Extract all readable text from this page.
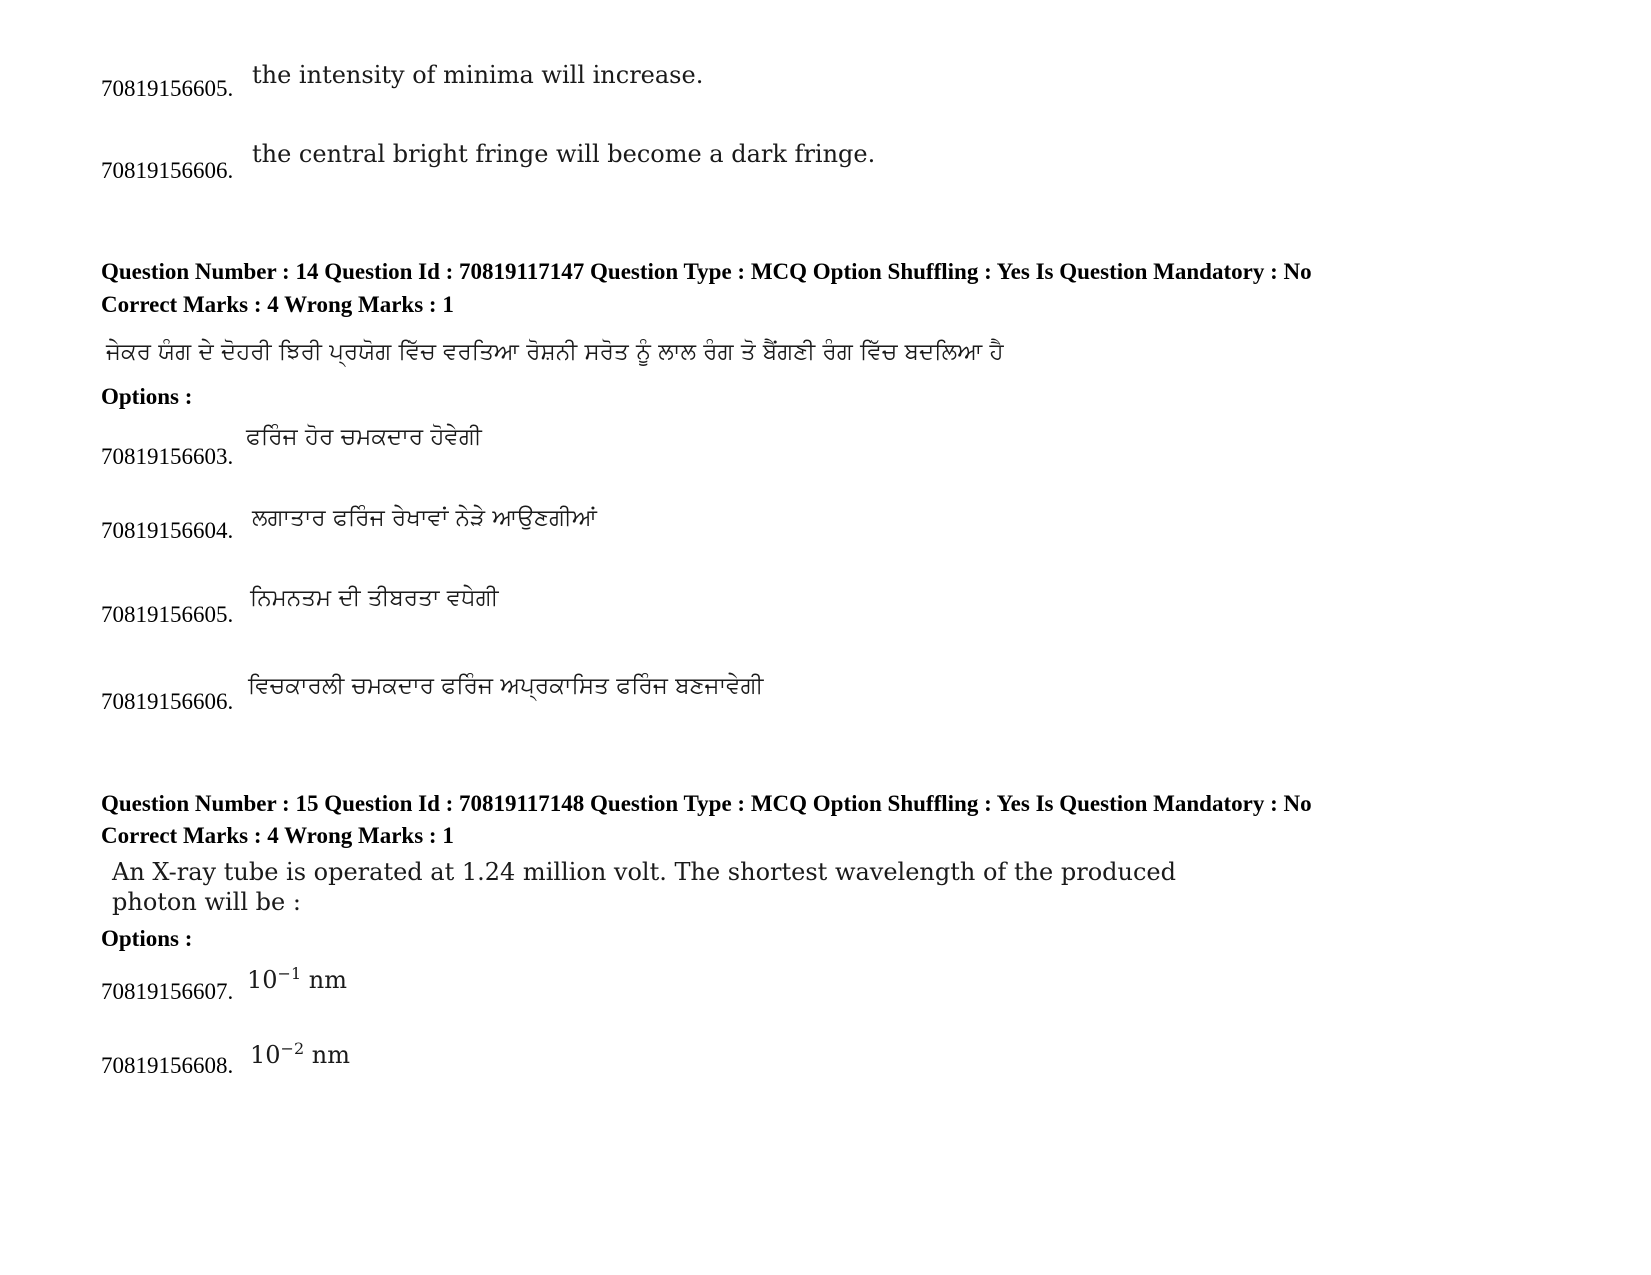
70819156605. the intensity of minima will increase.
70819156606.
the central bright fringe will become a dark fringe.
Question Number : 14 Question Id : 70819117147 Question Type : MCQ Option Shuffling : Yes Is Question Mandatory : No
Correct Marks : 4 Wrong Marks : 1
ਜੇਕਰ ਯੰਗ ਦੇ ਦੋਹਰੀ ਝਿਰੀ ਪ੍ਰਯੋਗ ਵਿੱਚ ਵਰਤਿਆ ਰੋਸ਼ਨੀ ਸਰੋਤ ਨੂੰ ਲਾਲ ਰੰਗ ਤੋ ਬੈਂਗਣੀ ਰੰਗ ਵਿੱਚ ਬਦਲਿਆ ਹੈ
Options :
70819156603.
ਫਰਿੰਜ ਹੋਰ ਚਮਕਦਾਰ ਹੋਵੇਗੀ
70819156604. ਲਗਾਤਾਰ ਫਰਿੰਜ ਰੇਖਾਵਾਂ ਨੇੜੇ ਆਉਣਗੀਆਂ
70819156605.
ਨਿਮਨਤਮ ਦੀ ਤੀਬਰਤਾ ਵਧੇਗੀ
70819156606.
ਵਿਚਕਾਰਲੀ ਚਮਕਦਾਰ ਫਰਿੰਜ ਅਪ੍ਰਕਾਸਿਤ ਫਰਿੰਜ ਬਣਜਾਵੇਗੀ
Question Number : 15 Question Id : 70819117148 Question Type : MCQ Option Shuffling : Yes Is Question Mandatory : No
Correct Marks : 4 Wrong Marks : 1
An X-ray tube is operated at 1.24 million volt. The shortest wavelength of the produced
photon will be :
Options :
70819156607. $10^{-1}$ nm
70819156608. $10^{-2}$ nm
